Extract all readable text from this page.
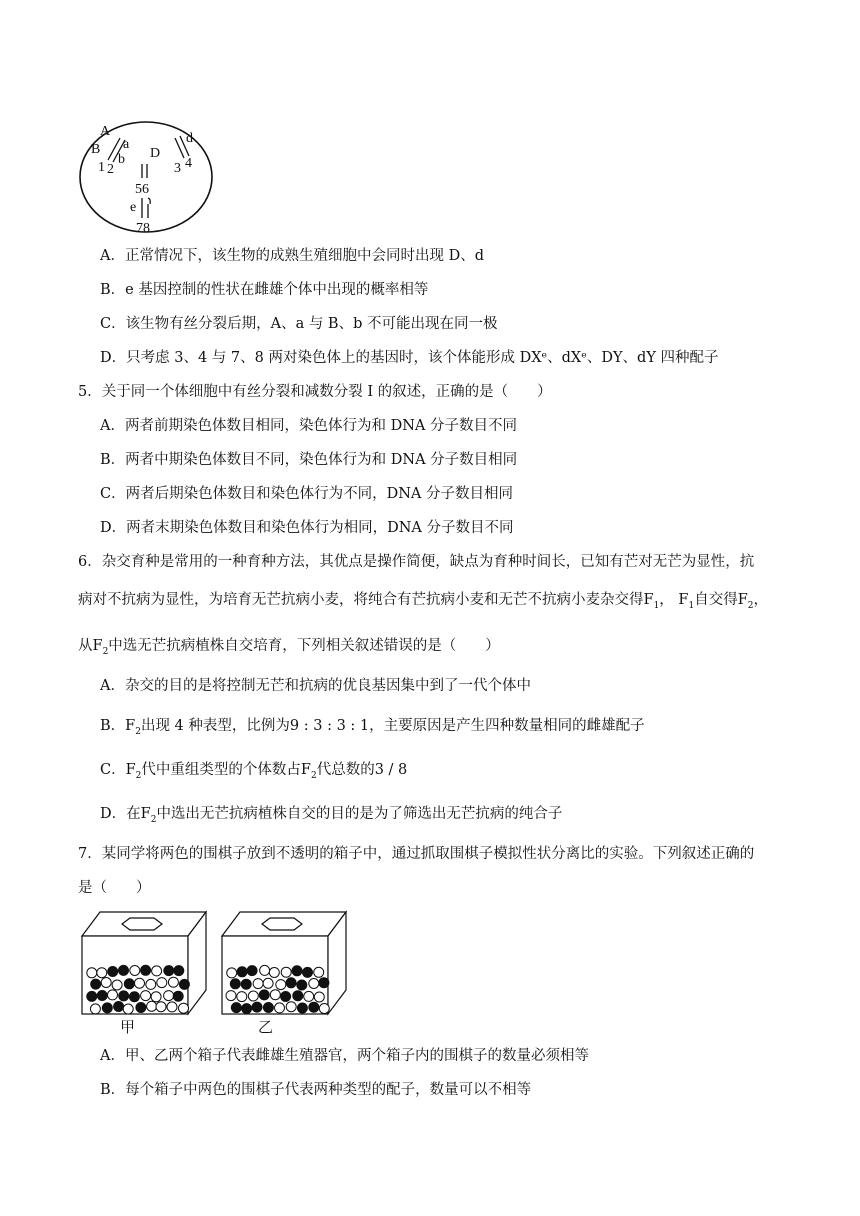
A
B a
b
1 2
D
d
3 4
56
e
78
A．正常情况下，该生物的成熟生殖细胞中会同时出现 D、d
B．e 基因控制的性状在雌雄个体中出现的概率相等
C．该生物有丝分裂后期，A、a 与 B、b 不可能出现在同一极
D．只考虑 3、4 与 7、8 两对染色体上的基因时，该个体能形成 DXᵉ、dXᵉ、DY、dY 四种配子
5．关于同一个体细胞中有丝分裂和减数分裂 I 的叙述，正确的是（　　）
A．两者前期染色体数目相同，染色体行为和 DNA 分子数目不同
B．两者中期染色体数目不同，染色体行为和 DNA 分子数目相同
C．两者后期染色体数目和染色体行为不同，DNA 分子数目相同
D．两者末期染色体数目和染色体行为相同，DNA 分子数目不同
6．杂交育种是常用的一种育种方法，其优点是操作简便，缺点为育种时间长，已知有芒对无芒为显性，抗
病对不抗病为显性，为培育无芒抗病小麦，将纯合有芒抗病小麦和无芒不抗病小麦杂交得$F_1$， $F_1$自交得$F_2$，
从$F_2$中选无芒抗病植株自交培育，下列相关叙述错误的是（　　）
A．杂交的目的是将控制无芒和抗病的优良基因集中到了一代个体中
B．$F_2$出现 4 种表型，比例为9 : 3 : 3 : 1，主要原因是产生四种数量相同的雌雄配子
C．$F_2$代中重组类型的个体数占$F_2$代总数的3 / 8
D．在$F_2$中选出无芒抗病植株自交的目的是为了筛选出无芒抗病的纯合子
7．某同学将两色的围棋子放到不透明的箱子中，通过抓取围棋子模拟性状分离比的实验。下列叙述正确的
是（　　）
甲	乙
A．甲、乙两个箱子代表雌雄生殖器官，两个箱子内的围棋子的数量必须相等
B．每个箱子中两色的围棋子代表两种类型的配子，数量可以不相等
